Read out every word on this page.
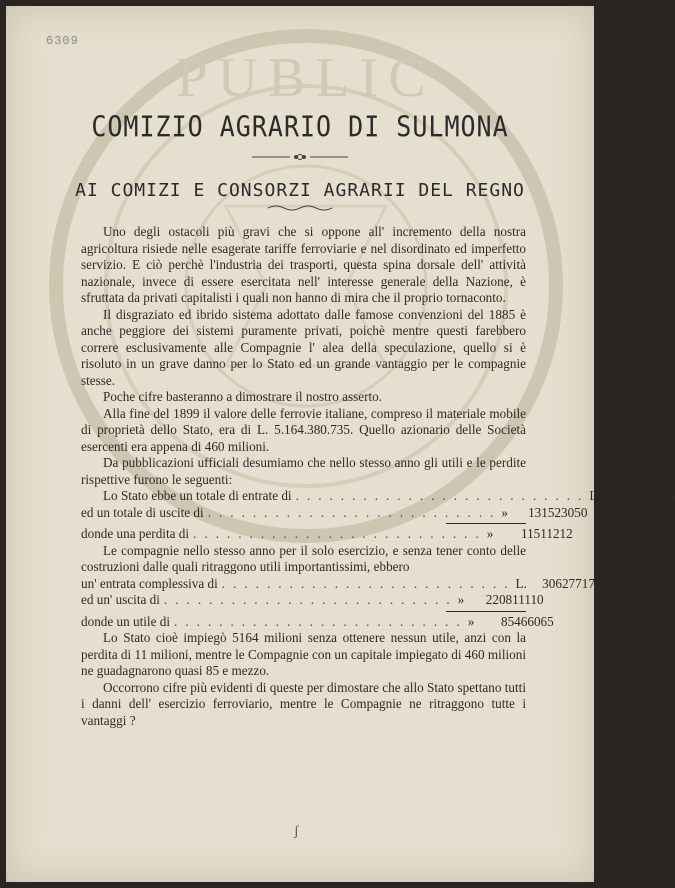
PUBLIC
6309
COMIZIO AGRARIO DI SULMONA
AI COMIZI E CONSORZI AGRARII DEL REGNO

Uno degli ostacoli più gravi che si oppone all' incremento della nostra agricoltura risiede nelle esagerate tariffe ferroviarie e nel disordinato ed imperfetto servizio. E ciò perchè l'industria dei trasporti, questa spina dorsale dell' attività nazionale, invece di essere esercitata nell' interesse generale della Nazione, è sfruttata da privati capitalisti i quali non hanno di mira che il proprio tornaconto.

Il disgraziato ed ibrido sistema adottato dalle famose convenzioni del 1885 è anche peggiore dei sistemi puramente privati, poichè mentre questi farebbero correre esclusivamente alle Compagnie l' alea della speculazione, quello si è risoluto in un grave danno per lo Stato ed un grande vantaggio per le compagnie stesse.

Poche cifre basteranno a dimostrare il nostro asserto.

Alla fine del 1899 il valore delle ferrovie italiane, compreso il materiale mobile di proprietà dello Stato, era di L. 5.164.380.735. Quello azionario delle Società esercenti era appena di 460 milioni.

Da pubblicazioni ufficiali desumiamo che nello stesso anno gli utili e le perdite rispettive furono le seguenti:

Lo Stato ebbe un totale di entrate di .......................... L.	120011838
ed un totale di uscite di .......................... »	131523050
donde una perdita di .......................... »	11511212

Le compagnie nello stesso anno per il solo esercizio, e senza tener conto delle costruzioni dalle quali ritraggono utili importantissimi, ebbero

un' entrata complessiva di .......................... L.	306277175
ed un' uscita di .......................... »	220811110
donde un utile di .......................... »	85466065

Lo Stato cioè impiegò 5164 milioni senza ottenere nessun utile, anzi con la perdita di 11 milioni, mentre le Compagnie con un capitale impiegato di 460 milioni ne guadagnarono quasi 85 e mezzo.

Occorrono cifre più evidenti di queste per dimostare che allo Stato spettano tutti i danni dell' esercizio ferroviario, mentre le Compagnie ne ritraggono tutte i vantaggi ?

ʃ
